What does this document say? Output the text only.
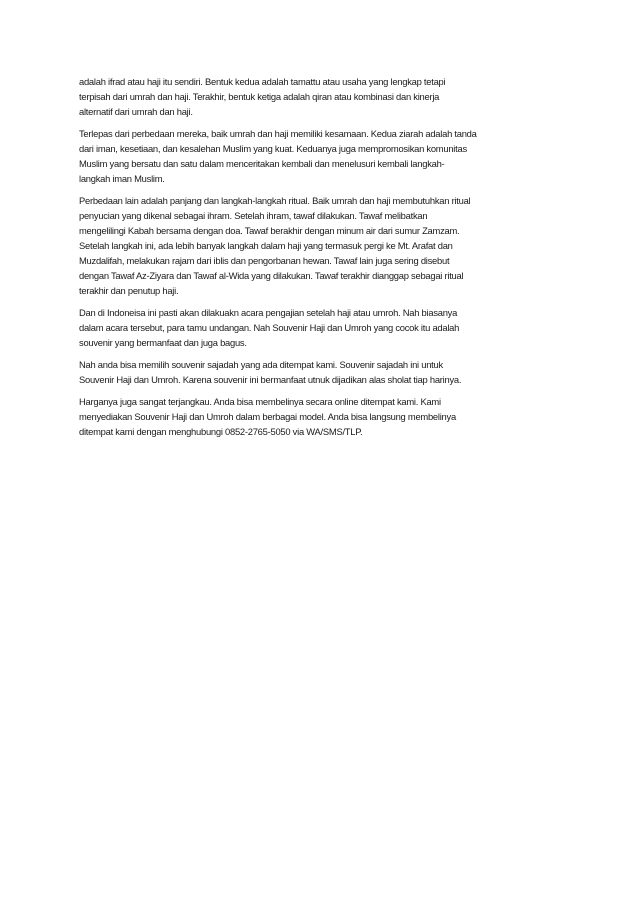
adalah ifrad atau haji itu sendiri. Bentuk kedua adalah tamattu atau usaha yang lengkap tetapi
terpisah dari umrah dan haji. Terakhir, bentuk ketiga adalah qiran atau kombinasi dan kinerja
alternatif dari umrah dan haji.

Terlepas dari perbedaan mereka, baik umrah dan haji memiliki kesamaan. Kedua ziarah adalah tanda
dari iman, kesetiaan, dan kesalehan Muslim yang kuat. Keduanya juga mempromosikan komunitas
Muslim yang bersatu dan satu dalam menceritakan kembali dan menelusuri kembali langkah-
langkah iman Muslim.

Perbedaan lain adalah panjang dan langkah-langkah ritual. Baik umrah dan haji membutuhkan ritual
penyucian yang dikenal sebagai ihram. Setelah ihram, tawaf dilakukan. Tawaf melibatkan
mengelilingi Kabah bersama dengan doa. Tawaf berakhir dengan minum air dari sumur Zamzam.
Setelah langkah ini, ada lebih banyak langkah dalam haji yang termasuk pergi ke Mt. Arafat dan
Muzdalifah, melakukan rajam dari iblis dan pengorbanan hewan. Tawaf lain juga sering disebut
dengan Tawaf Az-Ziyara dan Tawaf al-Wida yang dilakukan. Tawaf terakhir dianggap sebagai ritual
terakhir dan penutup haji.

Dan di Indoneisa ini pasti akan dilakuakn acara pengajian setelah haji atau umroh. Nah biasanya
dalam acara tersebut, para tamu undangan. Nah Souvenir Haji dan Umroh yang cocok itu adalah
souvenir yang bermanfaat dan juga bagus.

Nah anda bisa memilih souvenir sajadah yang ada ditempat kami. Souvenir sajadah ini untuk
Souvenir Haji dan Umroh. Karena souvenir ini bermanfaat utnuk dijadikan alas sholat tiap harinya.

Harganya juga sangat terjangkau. Anda bisa membelinya secara online ditempat kami. Kami
menyediakan Souvenir Haji dan Umroh dalam berbagai model. Anda bisa langsung membelinya
ditempat kami dengan menghubungi 0852-2765-5050 via WA/SMS/TLP.
